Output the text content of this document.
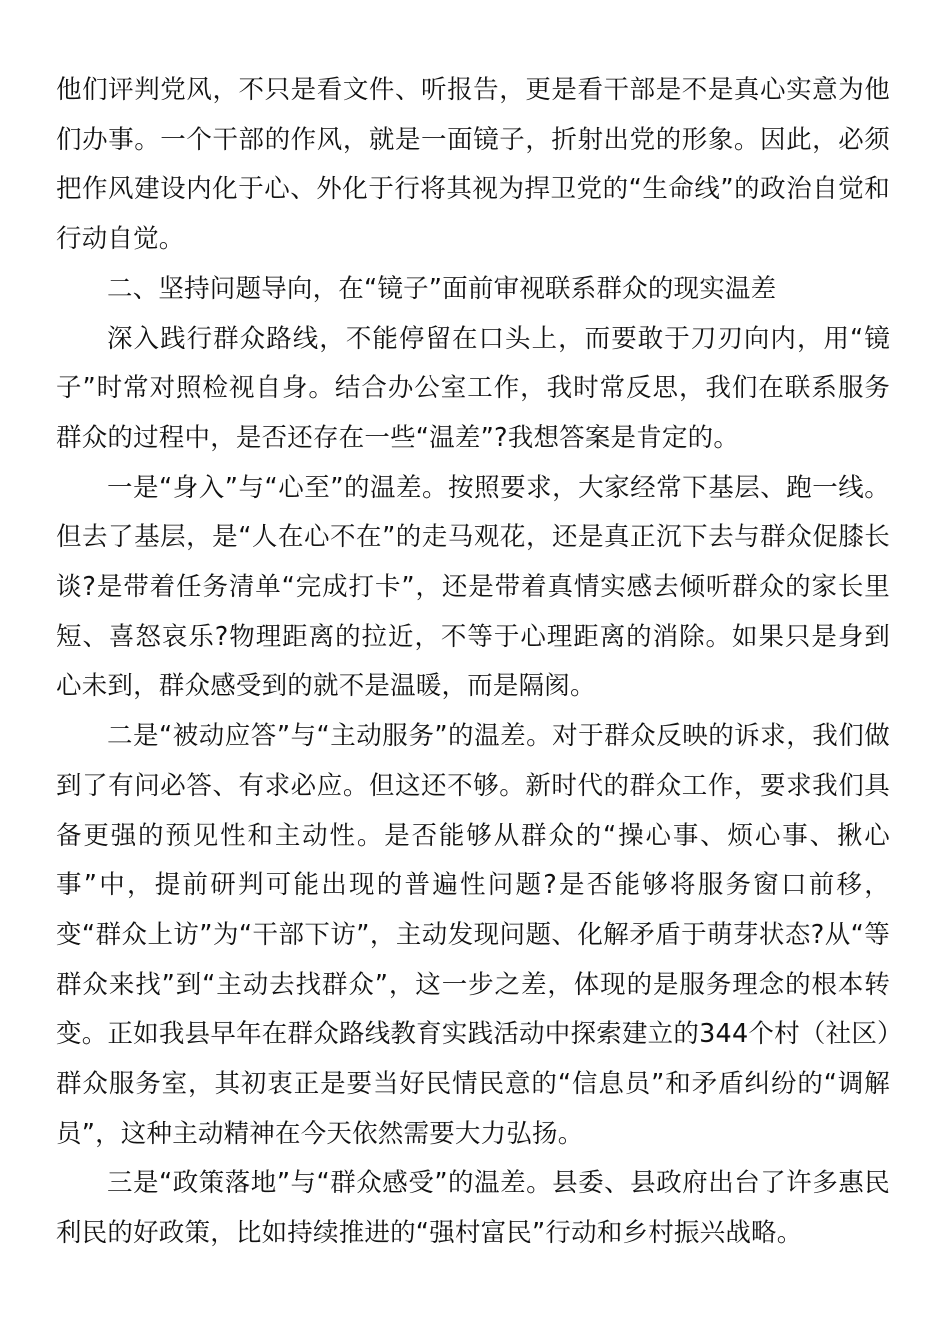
他们评判党风，不只是看文件、听报告，更是看干部是不是真心实意为他们办事。一个干部的作风，就是一面镜子，折射出党的形象。因此，必须把作风建设内化于心、外化于行将其视为捍卫党的“生命线”的政治自觉和行动自觉。

二、坚持问题导向，在“镜子”面前审视联系群众的现实温差

深入践行群众路线，不能停留在口头上，而要敢于刀刃向内，用“镜子”时常对照检视自身。结合办公室工作，我时常反思，我们在联系服务群众的过程中，是否还存在一些“温差”?我想答案是肯定的。

一是“身入”与“心至”的温差。按照要求，大家经常下基层、跑一线。但去了基层，是“人在心不在”的走马观花，还是真正沉下去与群众促膝长谈?是带着任务清单“完成打卡”，还是带着真情实感去倾听群众的家长里短、喜怒哀乐?物理距离的拉近，不等于心理距离的消除。如果只是身到心未到，群众感受到的就不是温暖，而是隔阂。

二是“被动应答”与“主动服务”的温差。对于群众反映的诉求，我们做到了有问必答、有求必应。但这还不够。新时代的群众工作，要求我们具备更强的预见性和主动性。是否能够从群众的“操心事、烦心事、揪心事”中，提前研判可能出现的普遍性问题?是否能够将服务窗口前移，变“群众上访”为“干部下访”，主动发现问题、化解矛盾于萌芽状态?从“等群众来找”到“主动去找群众”，这一步之差，体现的是服务理念的根本转变。正如我县早年在群众路线教育实践活动中探索建立的344个村（社区）群众服务室，其初衷正是要当好民情民意的“信息员”和矛盾纠纷的“调解员”，这种主动精神在今天依然需要大力弘扬。

三是“政策落地”与“群众感受”的温差。县委、县政府出台了许多惠民利民的好政策，比如持续推进的“强村富民”行动和乡村振兴战略。
